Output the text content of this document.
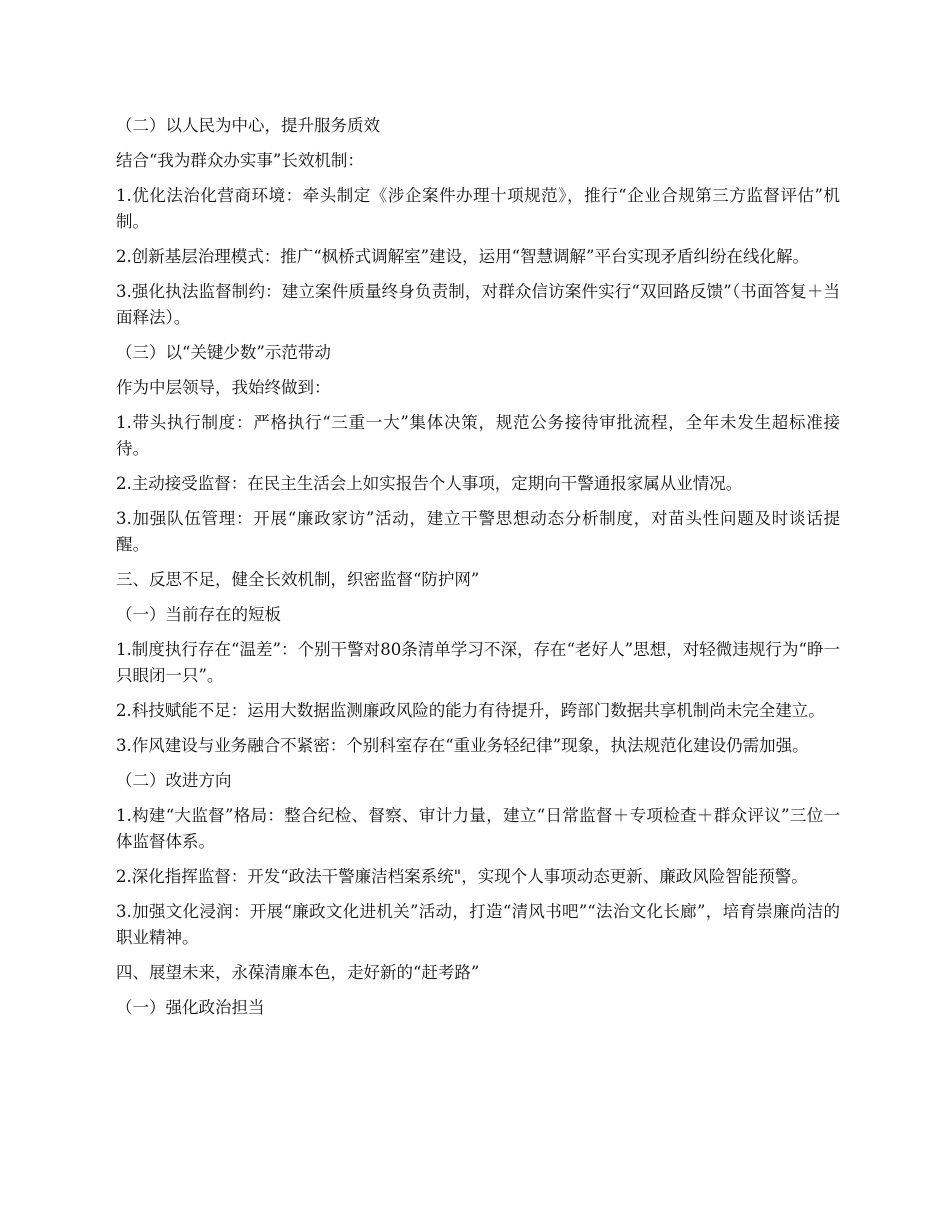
（二）以人民为中心，提升服务质效

结合“我为群众办实事”长效机制：

1.优化法治化营商环境：牵头制定《涉企案件办理十项规范》，推行“企业合规第三方监督评估”机制。

2.创新基层治理模式：推广“枫桥式调解室”建设，运用“智慧调解”平台实现矛盾纠纷在线化解。

3.强化执法监督制约：建立案件质量终身负责制，对群众信访案件实行“双回路反馈”（书面答复＋当面释法）。

（三）以“关键少数”示范带动

作为中层领导，我始终做到：

1.带头执行制度：严格执行“三重一大”集体决策，规范公务接待审批流程，全年未发生超标准接待。

2.主动接受监督：在民主生活会上如实报告个人事项，定期向干警通报家属从业情况。

3.加强队伍管理：开展“廉政家访”活动，建立干警思想动态分析制度，对苗头性问题及时谈话提醒。

三、反思不足，健全长效机制，织密监督“防护网”

（一）当前存在的短板

1.制度执行存在“温差”：个别干警对80条清单学习不深，存在“老好人”思想，对轻微违规行为“睁一只眼闭一只”。

2.科技赋能不足：运用大数据监测廉政风险的能力有待提升，跨部门数据共享机制尚未完全建立。

3.作风建设与业务融合不紧密：个别科室存在“重业务轻纪律”现象，执法规范化建设仍需加强。

（二）改进方向

1.构建“大监督”格局：整合纪检、督察、审计力量，建立“日常监督＋专项检查＋群众评议”三位一体监督体系。

2.深化指挥监督：开发“政法干警廉洁档案系统"，实现个人事项动态更新、廉政风险智能预警。

3.加强文化浸润：开展“廉政文化进机关”活动，打造“清风书吧”“法治文化长廊”，培育崇廉尚洁的职业精神。

四、展望未来，永葆清廉本色，走好新的“赶考路”

（一）强化政治担当
